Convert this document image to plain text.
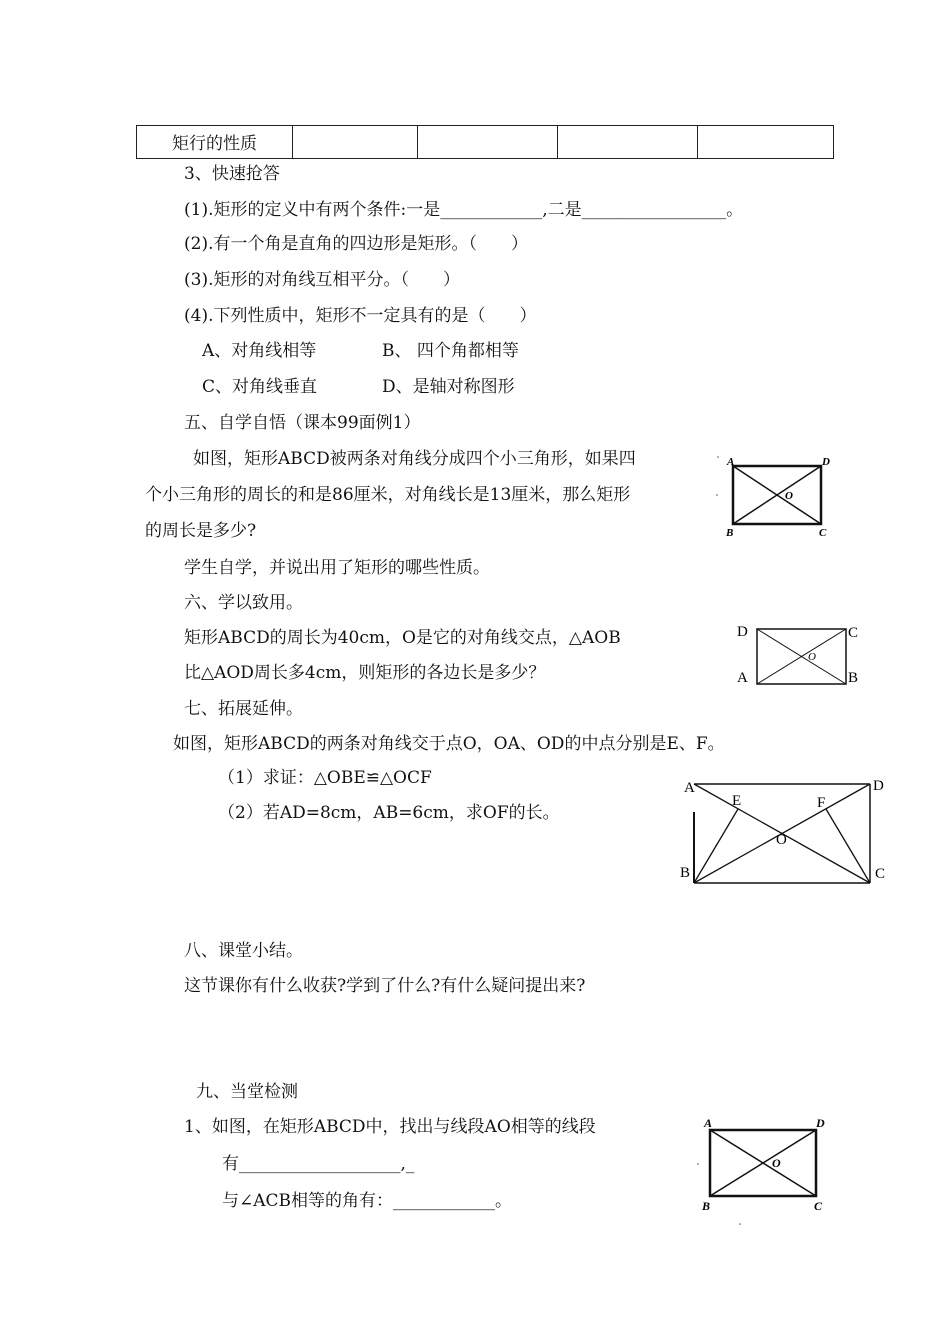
矩行的性质				
3、快速抢答
(1).矩形的定义中有两个条件:一是____________,二是_________________。
(2).有一个角是直角的四边形是矩形。（　　）
(3).矩形的对角线互相平分。（　　）
(4).下列性质中，矩形不一定具有的是（　　）
A、对角线相等	B、 四个角都相等
C、对角线垂直	D、是轴对称图形
五、自学自悟（课本99面例1）
如图，矩形ABCD被两条对角线分成四个小三角形，如果四
个小三角形的周长的和是86厘米，对角线长是13厘米，那么矩形
的周长是多少?
学生自学，并说出用了矩形的哪些性质。
A	D
B	C
O
六、学以致用。
矩形ABCD的周长为40cm，O是它的对角线交点，△AOB
比△AOD周长多4cm，则矩形的各边长是多少？
D	C
A	B
O
七、拓展延伸。
如图，矩形ABCD的两条对角线交于点O，OA、OD的中点分别是E、F。
（1）求证：△OBE≌△OCF
（2）若AD=8cm，AB=6cm，求OF的长。
A	D
B	C
E	F
O
八、课堂小结。
这节课你有什么收获?学到了什么?有什么疑问提出来?
九、当堂检测
1、如图，在矩形ABCD中，找出与线段AO相等的线段
有___________________,_
与∠ACB相等的角有：____________。
A	D
B	C
O
